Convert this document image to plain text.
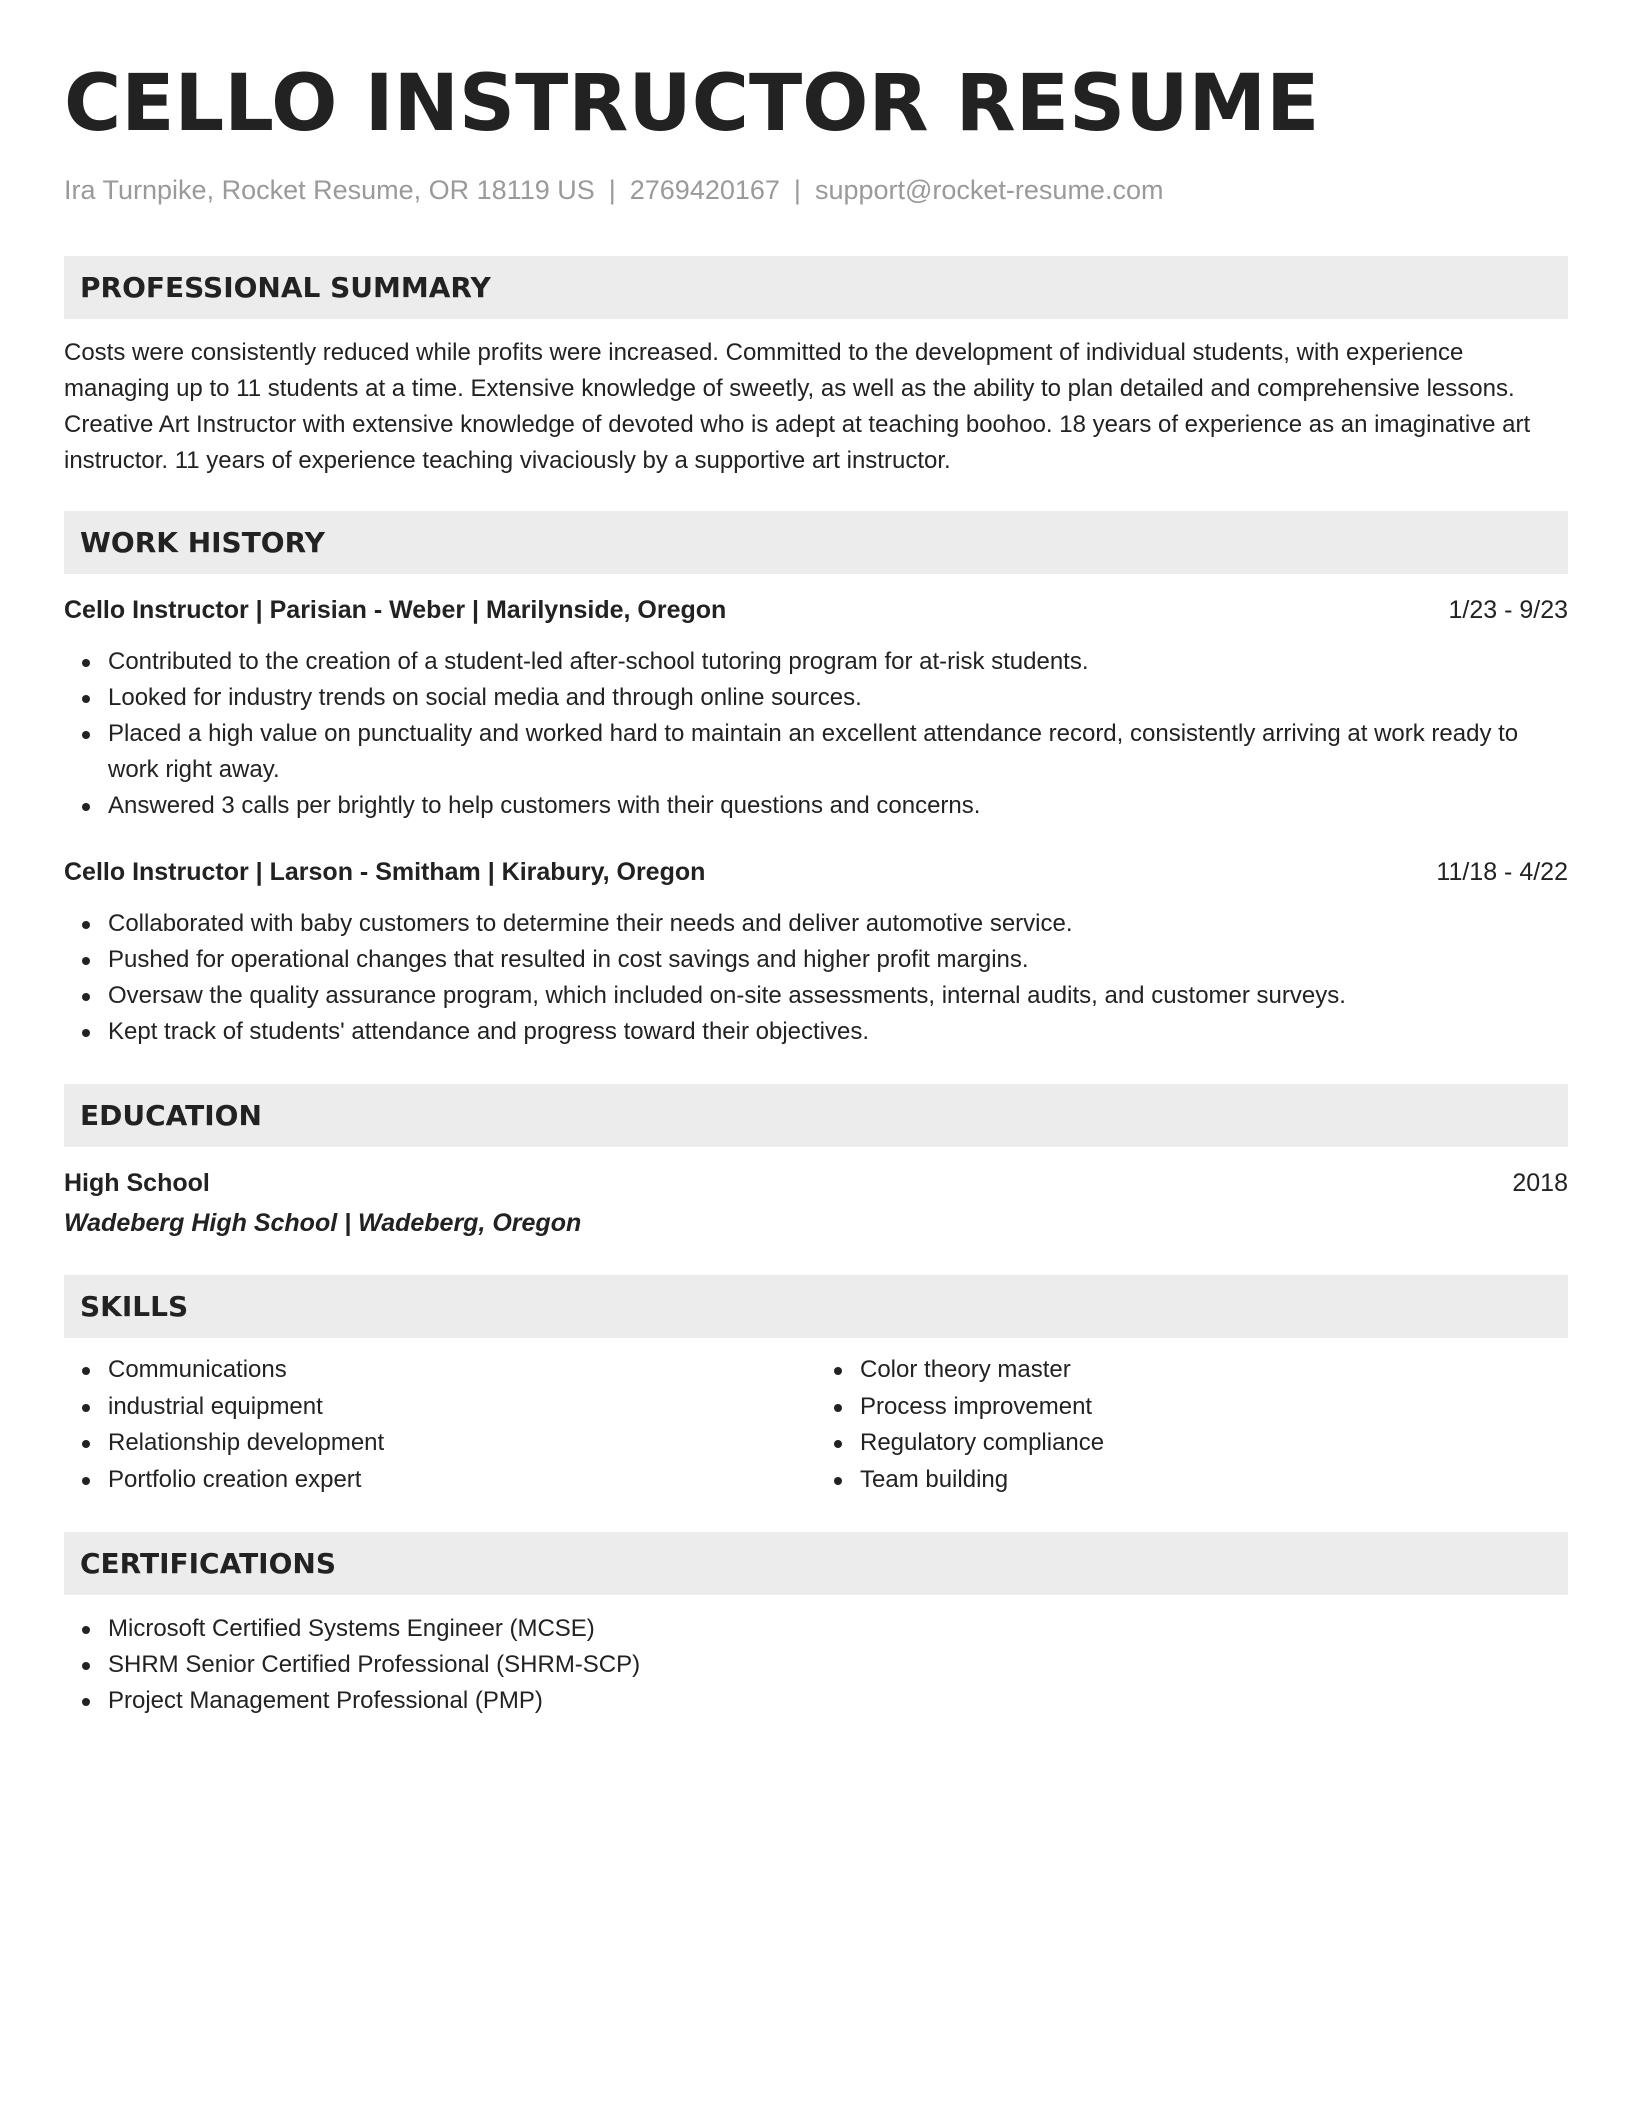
CELLO INSTRUCTOR RESUME
Ira Turnpike, Rocket Resume, OR 18119 US | 2769420167 | support@rocket-resume.com
PROFESSIONAL SUMMARY
Costs were consistently reduced while profits were increased. Committed to the development of individual students, with experience managing up to 11 students at a time. Extensive knowledge of sweetly, as well as the ability to plan detailed and comprehensive lessons. Creative Art Instructor with extensive knowledge of devoted who is adept at teaching boohoo. 18 years of experience as an imaginative art instructor. 11 years of experience teaching vivaciously by a supportive art instructor.
WORK HISTORY
Cello Instructor | Parisian - Weber | Marilynside, Oregon	1/23 - 9/23
Contributed to the creation of a student-led after-school tutoring program for at-risk students.
Looked for industry trends on social media and through online sources.
Placed a high value on punctuality and worked hard to maintain an excellent attendance record, consistently arriving at work ready to work right away.
Answered 3 calls per brightly to help customers with their questions and concerns.
Cello Instructor | Larson - Smitham | Kirabury, Oregon	11/18 - 4/22
Collaborated with baby customers to determine their needs and deliver automotive service.
Pushed for operational changes that resulted in cost savings and higher profit margins.
Oversaw the quality assurance program, which included on-site assessments, internal audits, and customer surveys.
Kept track of students' attendance and progress toward their objectives.
EDUCATION
High School	2018
Wadeberg High School | Wadeberg, Oregon
SKILLS
Communications
industrial equipment
Relationship development
Portfolio creation expert
Color theory master
Process improvement
Regulatory compliance
Team building
CERTIFICATIONS
Microsoft Certified Systems Engineer (MCSE)
SHRM Senior Certified Professional (SHRM-SCP)
Project Management Professional (PMP)
